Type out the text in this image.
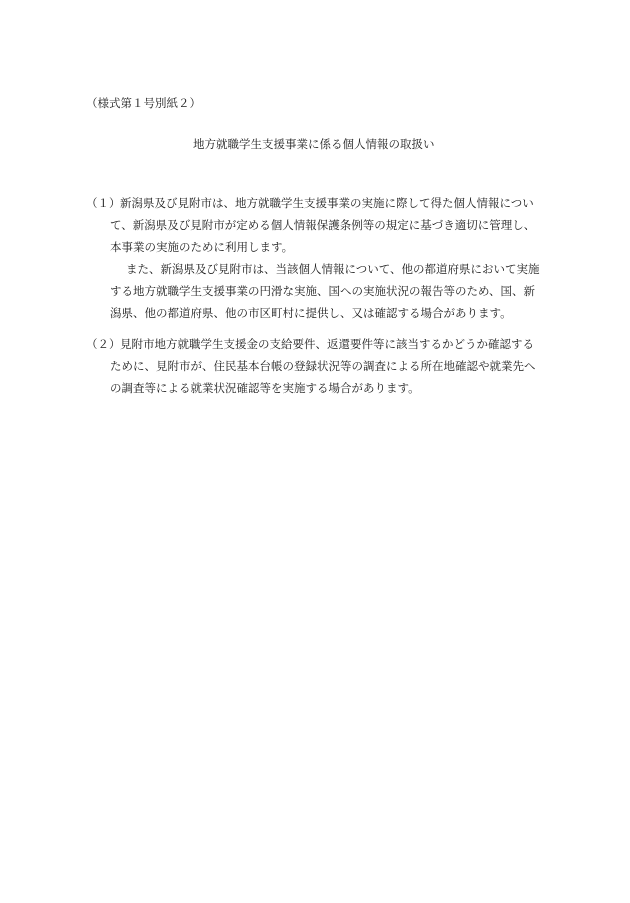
（様式第１号別紙２）
地方就職学生支援事業に係る個人情報の取扱い
（１）新潟県及び見附市は、地方就職学生支援事業の実施に際して得た個人情報につい
て、新潟県及び見附市が定める個人情報保護条例等の規定に基づき適切に管理し、
本事業の実施のために利用します。
また、新潟県及び見附市は、当該個人情報について、他の都道府県において実施
する地方就職学生支援事業の円滑な実施、国への実施状況の報告等のため、国、新
潟県、他の都道府県、他の市区町村に提供し、又は確認する場合があります。
（２）見附市地方就職学生支援金の支給要件、返還要件等に該当するかどうか確認する
ために、見附市が、住民基本台帳の登録状況等の調査による所在地確認や就業先へ
の調査等による就業状況確認等を実施する場合があります。
